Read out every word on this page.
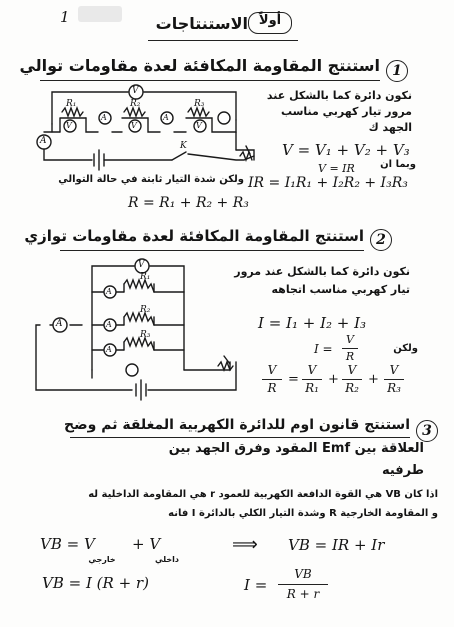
1	أولاً
الاستنتاجات
1
استنتج المقاومة المكافئة لعدة مقاومات توالي
V
V	V	V
A
A	A
R₁	R₂	R₃
K
نكون دائرة كما بالشكل عند
مرور تيار كهربي مناسب
الجهد ك
V = V₁ + V₂ + V₃
وبما ان
V = IR
IR = I₁R₁ + I₂R₂ + I₃R₃
ولكن شدة التيار ثابتة في حالة التوالي
R = R₁ + R₂ + R₃
2
استنتج المقاومة المكافئة لعدة مقاومات توازي
V
A
A
A
A
R₁
R₂
R₃
نكون دائرة كما بالشكل عند مرور
تيار كهربي مناسب اتجاهه
I = I₁ + I₂ + I₃
I =
V
R
ولكن
V
R
=
V
R₁
+
V
R₂
+
V
R₃
3
استنتج قانون اوم للدائرة الكهربية المغلقة ثم وضح
العلاقة بين Emf المقود وفرق الجهد بين
طرفيه
اذا كان VB هي القوة الدافعة الكهربية للعمود r هي المقاومة الداخلية له
و المقاومة الخارجية R وشدة التيار الكلي بالدائرة I فانه
VB = V
خارجي
+ V
داخلي
⟹ VB = IR + Ir
VB = I (R + r)	I =
VB
R + r
